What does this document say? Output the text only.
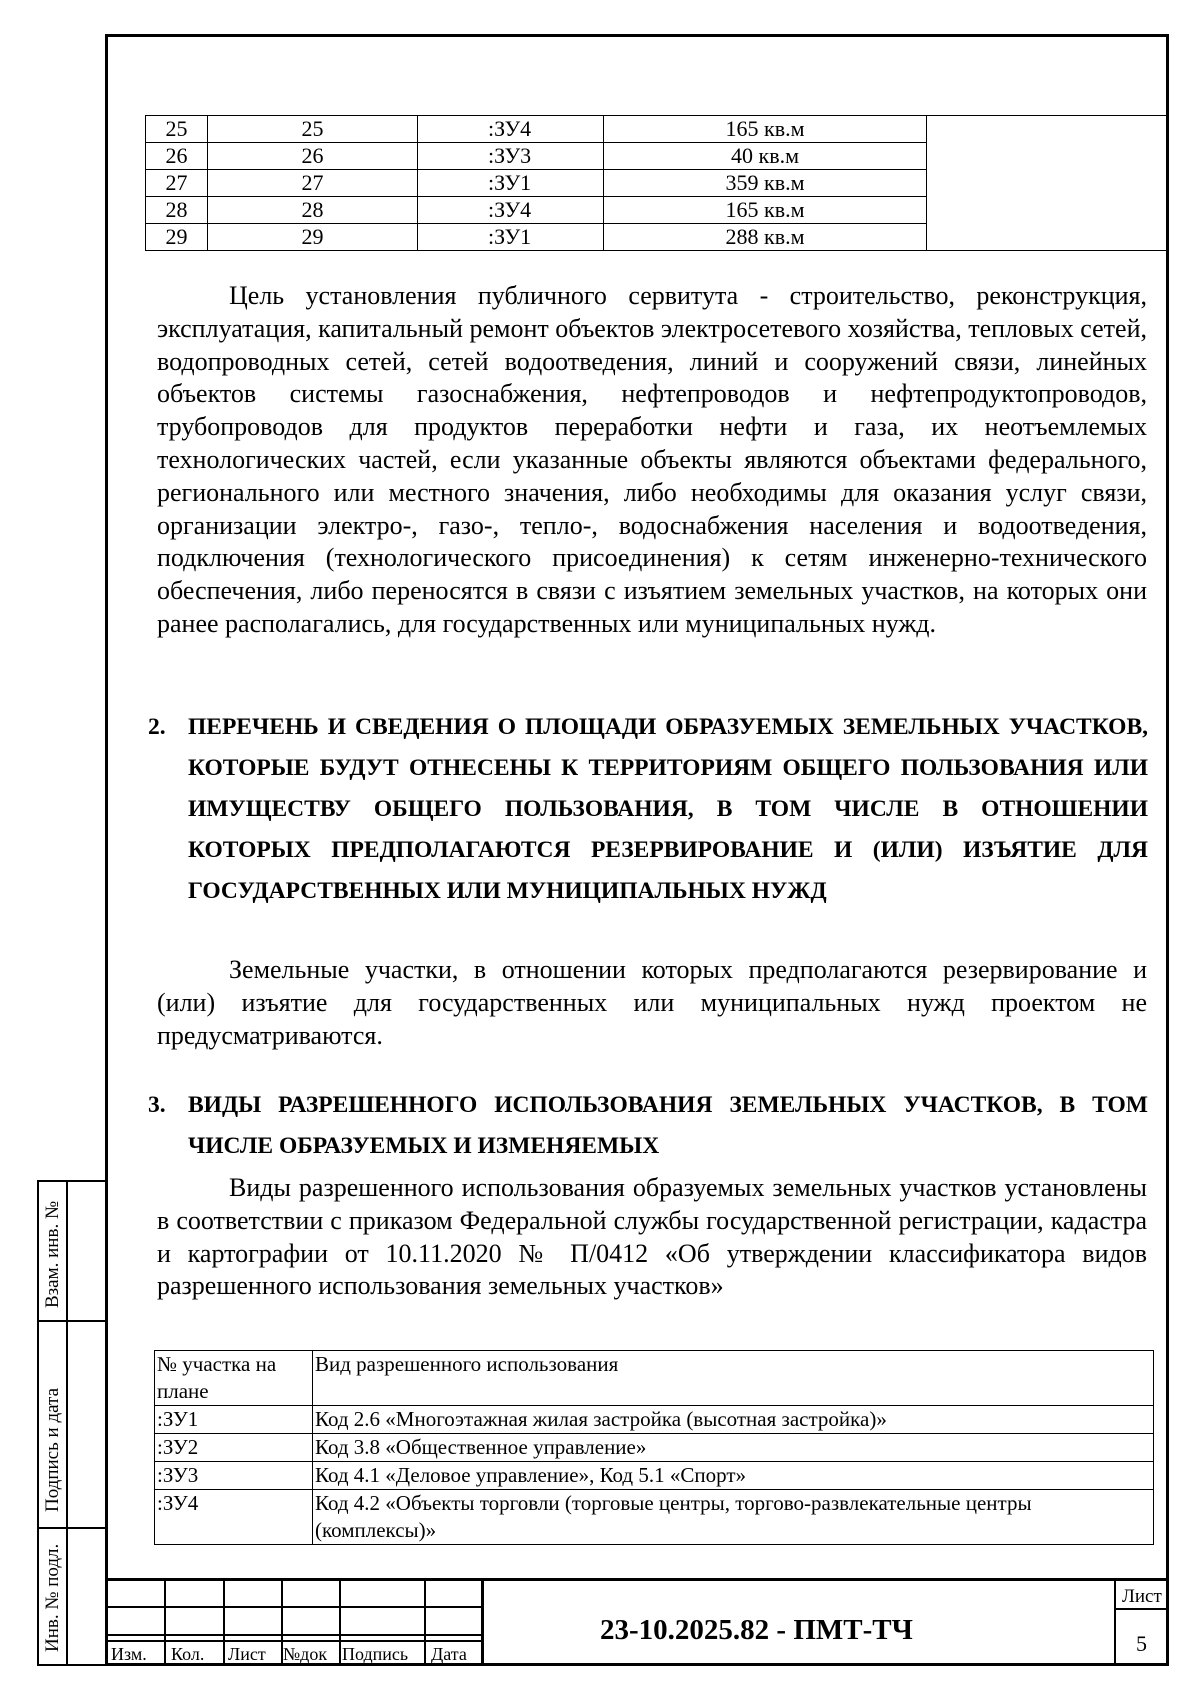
25	25	:ЗУ4	165 кв.м	
26	26	:ЗУ3	40 кв.м	
27	27	:ЗУ1	359 кв.м	
28	28	:ЗУ4	165 кв.м	
29	29	:ЗУ1	288 кв.м	

Цель установления публичного сервитута - строительство, реконструкция, эксплуатация, капитальный ремонт объектов электросетевого хозяйства, тепловых сетей, водопроводных сетей, сетей водоотведения, линий и сооружений связи, линейных объектов системы газоснабжения, нефтепроводов и нефтепродуктопроводов, трубопроводов для продуктов переработки нефти и газа, их неотъемлемых технологических частей, если указанные объекты являются объектами федерального, регионального или местного значения, либо необходимы для оказания услуг связи, организации электро-, газо-, тепло-, водоснабжения населения и водоотведения, подключения (технологического присоединения) к сетям инженерно-технического обеспечения, либо переносятся в связи с изъятием земельных участков, на которых они ранее располагались, для государственных или муниципальных нужд.

2. ПЕРЕЧЕНЬ И СВЕДЕНИЯ О ПЛОЩАДИ ОБРАЗУЕМЫХ ЗЕМЕЛЬНЫХ УЧАСТКОВ, КОТОРЫЕ БУДУТ ОТНЕСЕНЫ К ТЕРРИТОРИЯМ ОБЩЕГО ПОЛЬЗОВАНИЯ ИЛИ ИМУЩЕСТВУ ОБЩЕГО ПОЛЬЗОВАНИЯ, В ТОМ ЧИСЛЕ В ОТНОШЕНИИ КОТОРЫХ ПРЕДПОЛАГАЮТСЯ РЕЗЕРВИРОВАНИЕ И (ИЛИ) ИЗЪЯТИЕ ДЛЯ ГОСУДАРСТВЕННЫХ ИЛИ МУНИЦИПАЛЬНЫХ НУЖД

Земельные участки, в отношении которых предполагаются резервирование и (или) изъятие для государственных или муниципальных нужд проектом не предусматриваются.

3. ВИДЫ РАЗРЕШЕННОГО ИСПОЛЬЗОВАНИЯ ЗЕМЕЛЬНЫХ УЧАСТКОВ, В ТОМ ЧИСЛЕ ОБРАЗУЕМЫХ И ИЗМЕНЯЕМЫХ

Виды разрешенного использования образуемых земельных участков установлены в соответствии с приказом Федеральной службы государственной регистрации, кадастра и картографии от 10.11.2020 № П/0412 «Об утверждении классификатора видов разрешенного использования земельных участков»

№ участка на плане	Вид разрешенного использования
:ЗУ1	Код 2.6 «Многоэтажная жилая застройка (высотная застройка)»
:ЗУ2	Код 3.8 «Общественное управление»
:ЗУ3	Код 4.1 «Деловое управление», Код 5.1 «Спорт»
:ЗУ4	Код 4.2 «Объекты торговли (торговые центры, торгово-развлекательные центры (комплексы)»
Взам. инв. №
Подпись и дата
Инв. № подл.
Изм. Кол. Лист №док Подпись Дата
23-10.2025.82 - ПМТ-ТЧ
Лист
5
